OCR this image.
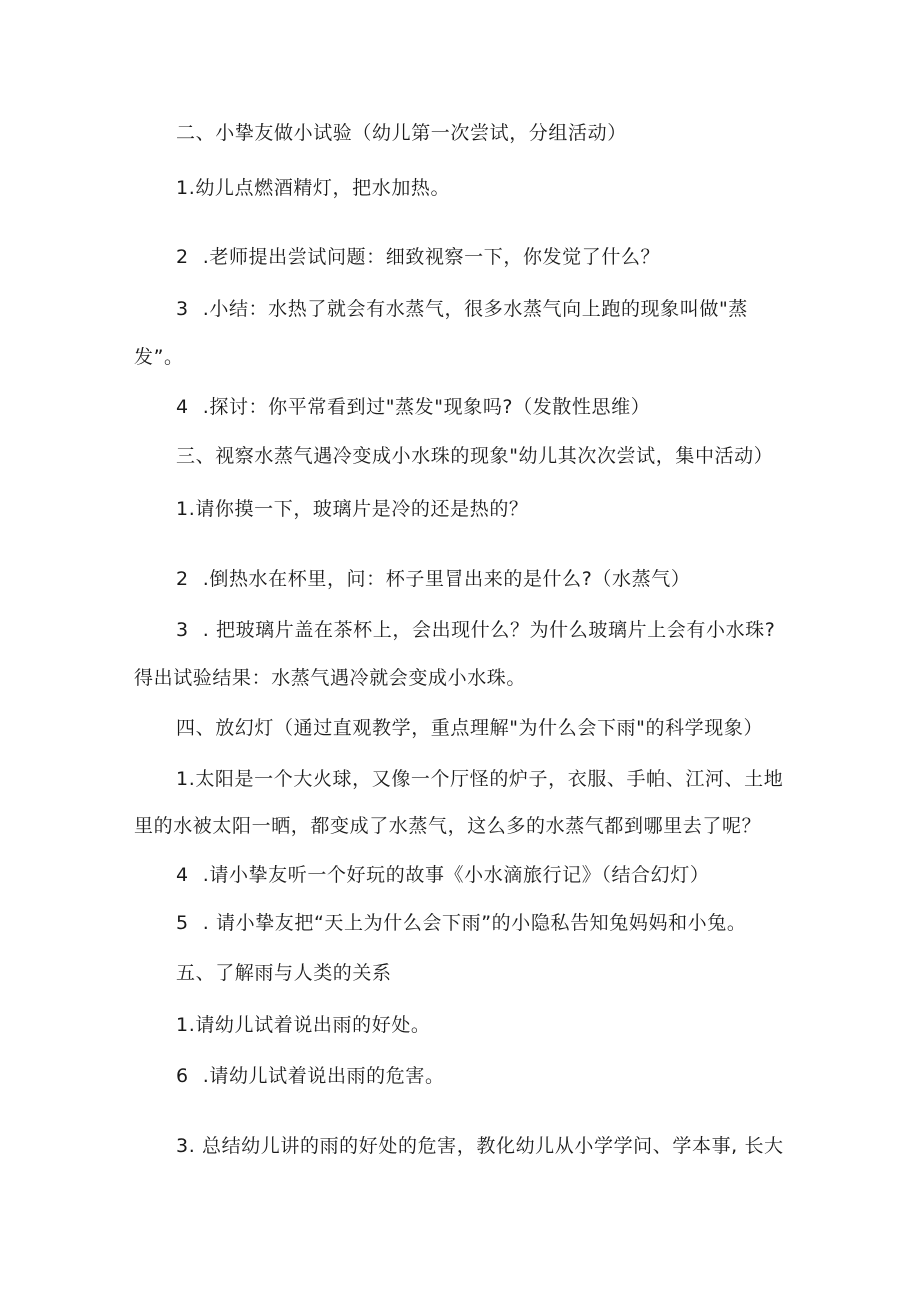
二、小挚友做小试验（幼儿第一次尝试，分组活动）
1.幼儿点燃酒精灯，把水加热。
2 .老师提出尝试问题：细致视察一下，你发觉了什么？
3 .小结：水热了就会有水蒸气，很多水蒸气向上跑的现象叫做"蒸
发”。
4 .探讨：你平常看到过"蒸发"现象吗?（发散性思维）
三、视察水蒸气遇冷变成小水珠的现象"幼儿其次次尝试，集中活动）
1.请你摸一下，玻璃片是冷的还是热的？
2 .倒热水在杯里，问：杯子里冒出来的是什么?（水蒸气）
3 . 把玻璃片盖在茶杯上，会出现什么？为什么玻璃片上会有小水珠?
得出试验结果：水蒸气遇冷就会变成小水珠。
四、放幻灯（通过直观教学，重点理解"为什么会下雨"的科学现象）
1.太阳是一个大火球，又像一个厅怪的炉子，衣服、手帕、江河、土地
里的水被太阳一晒，都变成了水蒸气，这么多的水蒸气都到哪里去了呢？
4 .请小挚友听一个好玩的故事《小水滴旅行记》（结合幻灯）
5 . 请小挚友把“天上为什么会下雨”的小隐私告知兔妈妈和小兔。
五、了解雨与人类的关系
1.请幼儿试着说出雨的好处。
6 .请幼儿试着说出雨的危害。
3. 总结幼儿讲的雨的好处的危害，教化幼儿从小学学问、学本事, 长大
